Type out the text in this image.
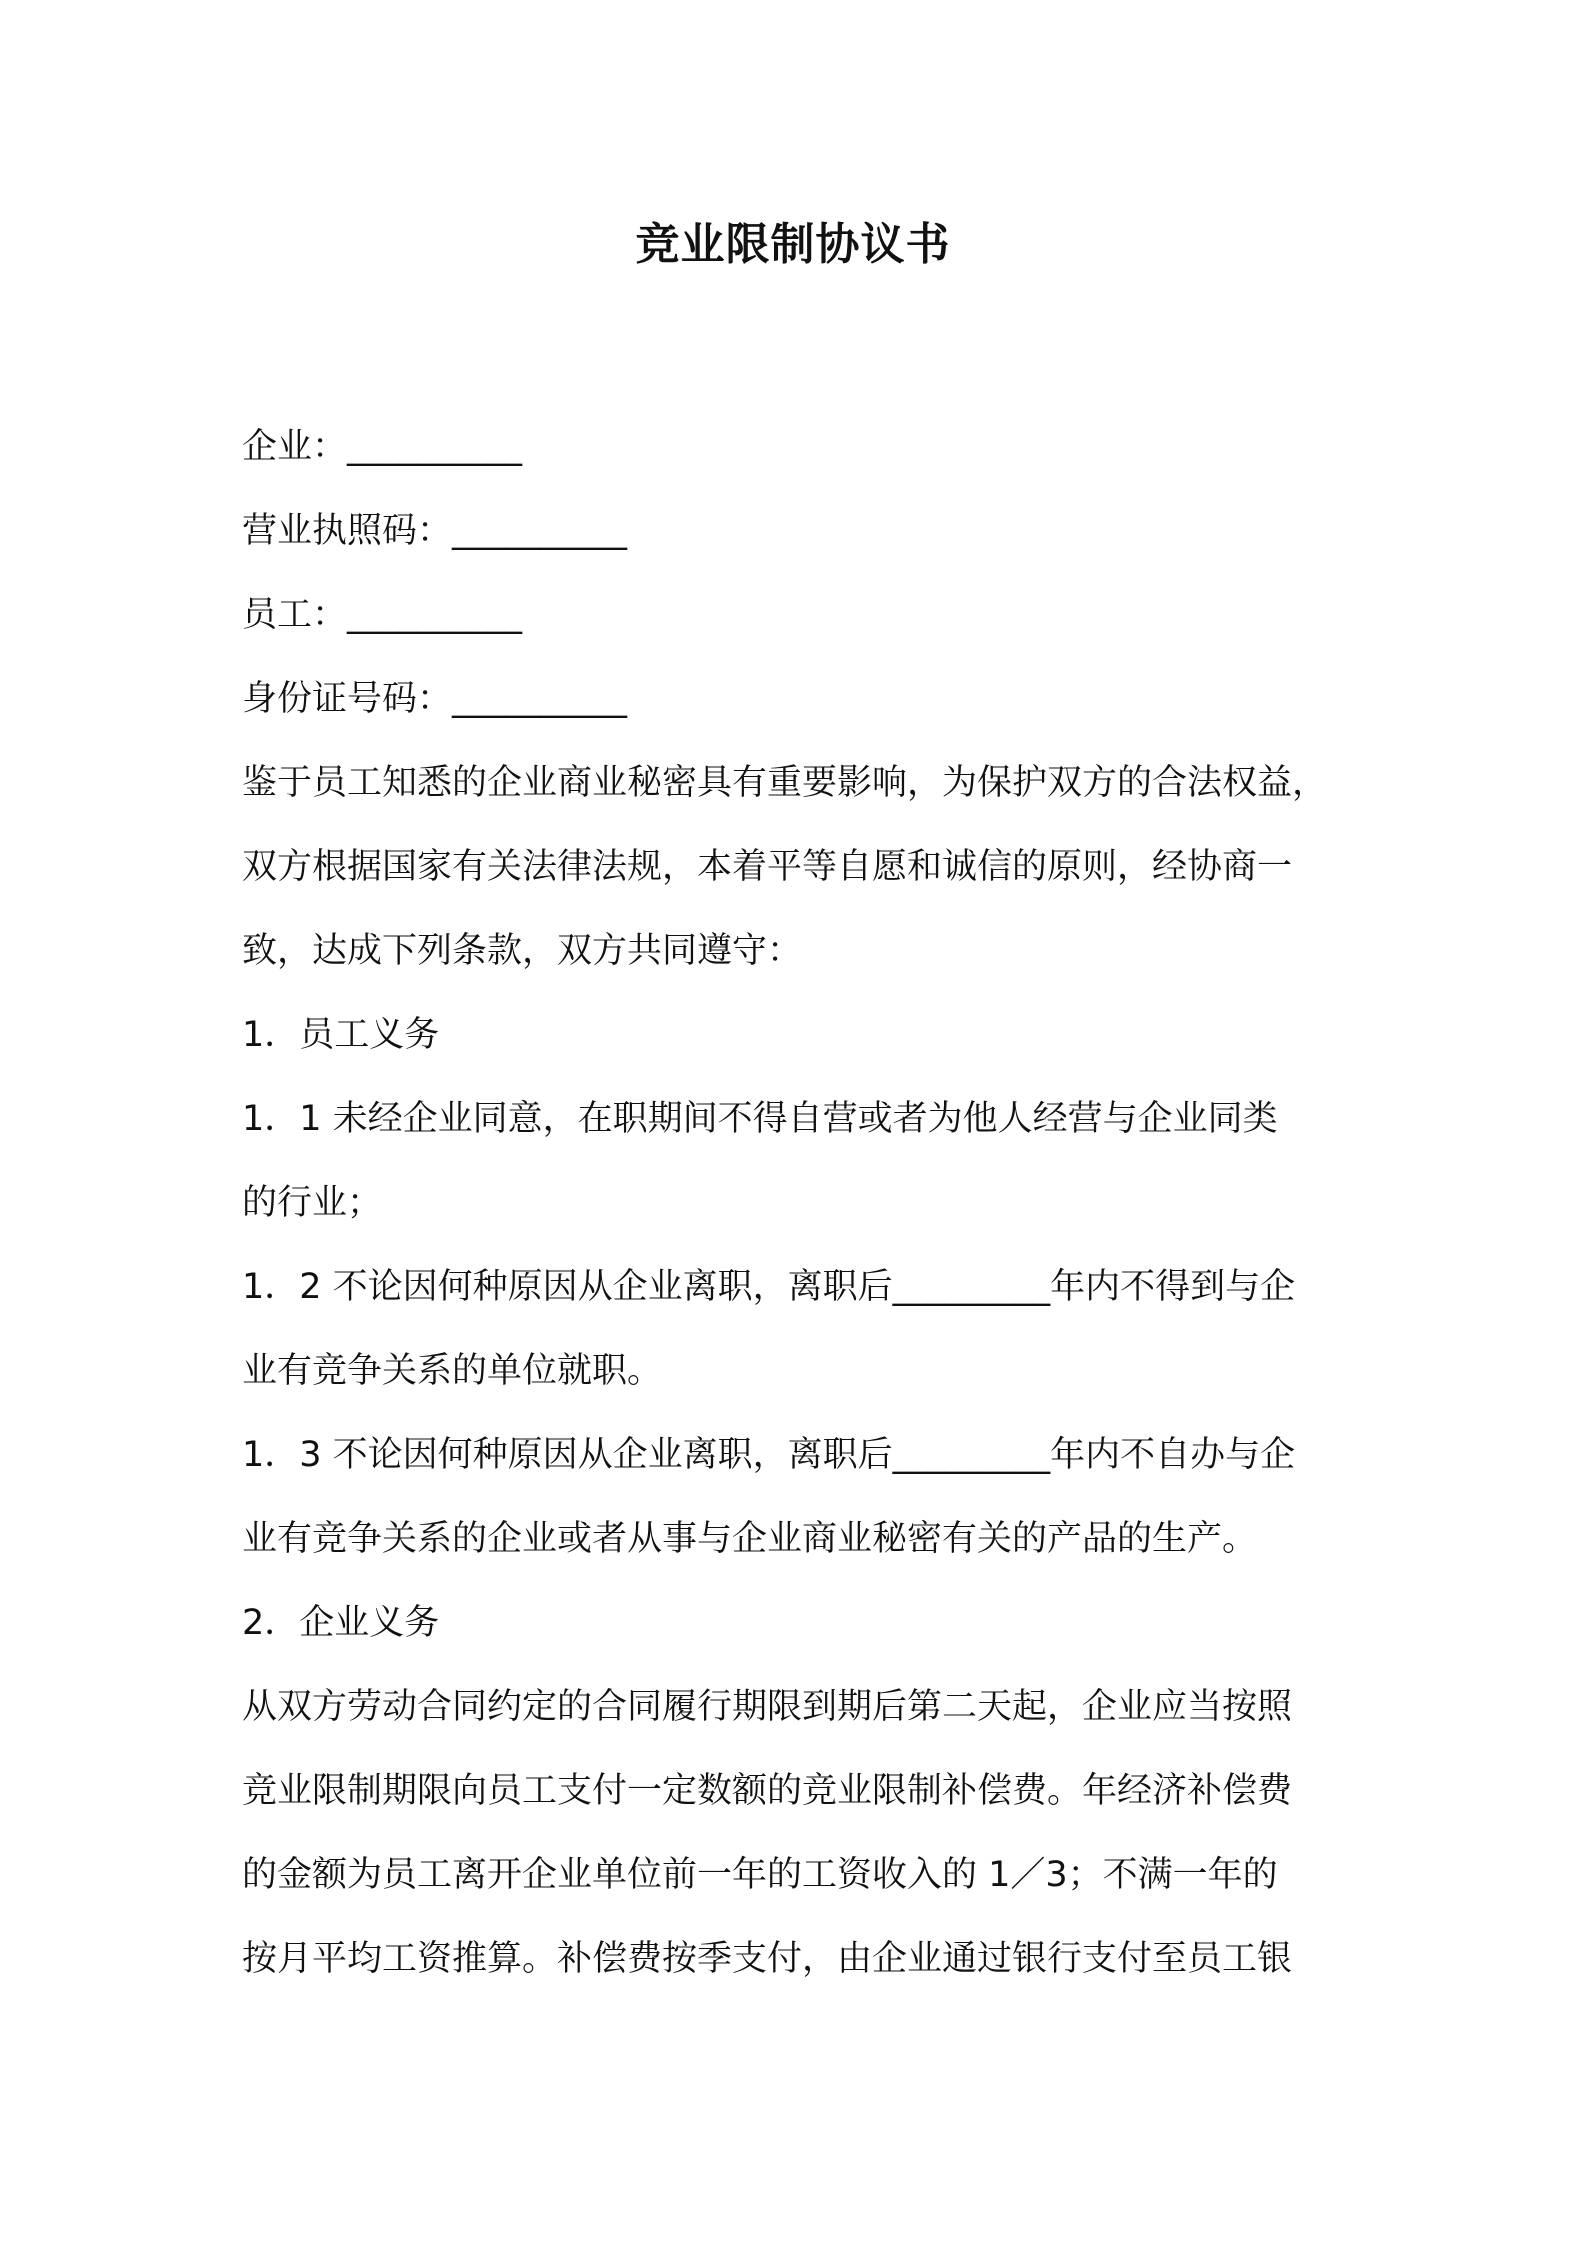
竞业限制协议书
企业：__________
营业执照码：__________
员工：__________
身份证号码：__________
鉴于员工知悉的企业商业秘密具有重要影响，为保护双方的合法权益，
双方根据国家有关法律法规，本着平等自愿和诚信的原则，经协商一
致，达成下列条款，双方共同遵守：
1．员工义务
1．1 未经企业同意，在职期间不得自营或者为他人经营与企业同类
的行业；
1．2 不论因何种原因从企业离职，离职后_________年内不得到与企
业有竞争关系的单位就职。
1．3 不论因何种原因从企业离职，离职后_________年内不自办与企
业有竞争关系的企业或者从事与企业商业秘密有关的产品的生产。
2．企业义务
从双方劳动合同约定的合同履行期限到期后第二天起，企业应当按照
竞业限制期限向员工支付一定数额的竞业限制补偿费。年经济补偿费
的金额为员工离开企业单位前一年的工资收入的 1／3；不满一年的
按月平均工资推算。补偿费按季支付，由企业通过银行支付至员工银
